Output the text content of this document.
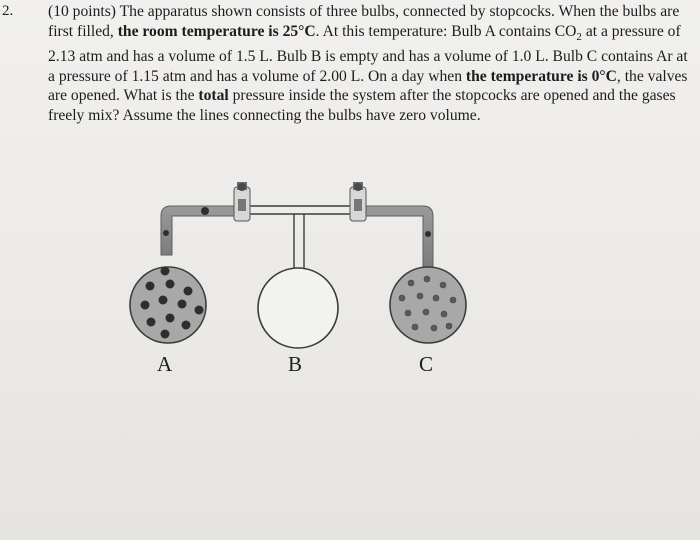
2. (10 points) The apparatus shown consists of three bulbs, connected by stopcocks. When the bulbs are first filled, the room temperature is 25°C. At this temperature: Bulb A contains $CO_2$ at a pressure of 2.13 atm and has a volume of 1.5 L. Bulb B is empty and has a volume of 1.0 L. Bulb C contains Ar at a pressure of 1.15 atm and has a volume of 2.00 L. On a day when the temperature is 0°C, the valves are opened. What is the total pressure inside the system after the stopcocks are opened and the gases freely mix? Assume the lines connecting the bulbs have zero volume.
A	B	C
